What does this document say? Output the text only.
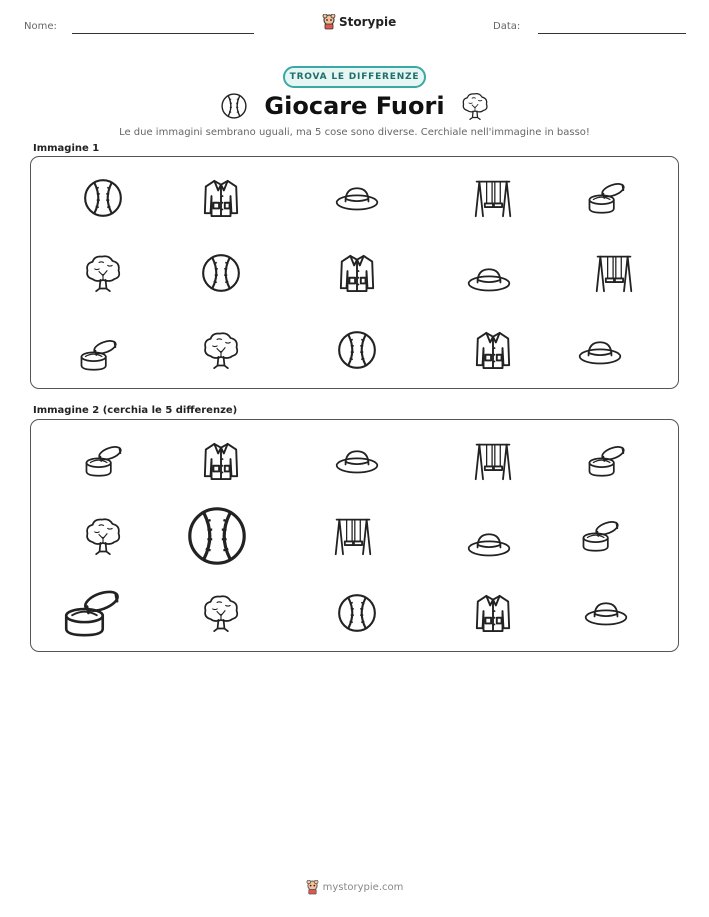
Nome:	Storypie	Data:
TROVA LE DIFFERENZE
Giocare Fuori
Le due immagini sembrano uguali, ma 5 cose sono diverse. Cerchiale nell'immagine in basso!
Immagine 1
Immagine 2 (cerchia le 5 differenze)
mystorypie.com
